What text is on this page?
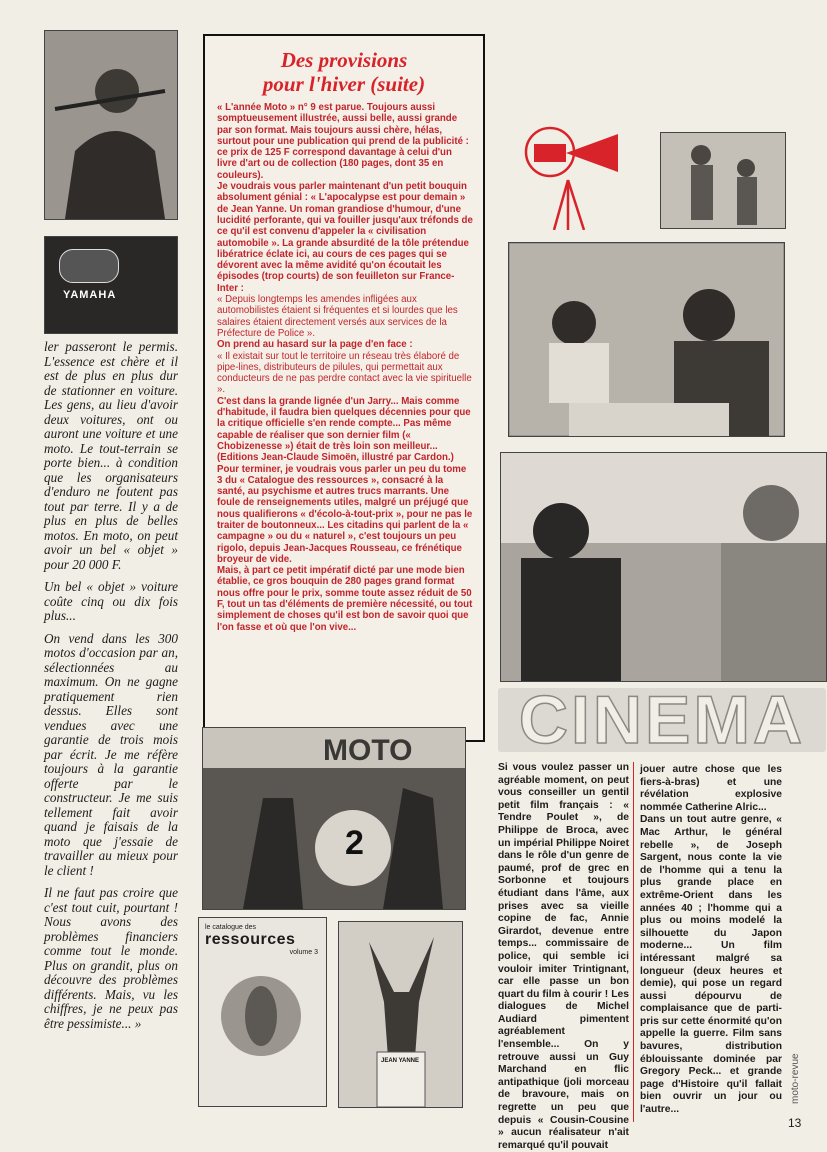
YAMAHA

ler passeront le permis. L'essence est chère et il est de plus en plus dur de stationner en voiture. Les gens, au lieu d'avoir deux voitures, ont ou auront une voiture et une moto. Le tout-terrain se porte bien... à condition que les organisateurs d'enduro ne foutent pas tout par terre. Il y a de plus en plus de belles motos. En moto, on peut avoir un bel « objet » pour 20 000 F.

Un bel « objet » voiture coûte cinq ou dix fois plus...

On vend dans les 300 motos d'occasion par an, sélectionnées au maximum. On ne gagne pratiquement rien dessus. Elles sont vendues avec une garantie de trois mois par écrit. Je me réfère toujours à la garantie offerte par le constructeur. Je me suis tellement fait avoir quand je faisais de la moto que j'essaie de travailler au mieux pour le client !

Il ne faut pas croire que c'est tout cuit, pourtant ! Nous avons des problèmes financiers comme tout le monde. Plus on grandit, plus on découvre des problèmes différents. Mais, vu les chiffres, je ne peux pas être pessimiste... »

Des provisions
pour l'hiver (suite)

« L'année Moto » n° 9 est parue. Toujours aussi somptueusement illustrée, aussi belle, aussi grande par son format. Mais toujours aussi chère, hélas, surtout pour une publication qui prend de la publicité : ce prix de 125 F correspond davantage à celui d'un livre d'art ou de collection (180 pages, dont 35 en couleurs).

Je voudrais vous parler maintenant d'un petit bouquin absolument génial : « L'apocalypse est pour demain » de Jean Yanne. Un roman grandiose d'humour, d'une lucidité perforante, qui va fouiller jusqu'aux tréfonds de ce qu'il est convenu d'appeler la « civilisation automobile ». La grande absurdité de la tôle prétendue libératrice éclate ici, au cours de ces pages qui se dévorent avec la même avidité qu'on écoutait les épisodes (trop courts) de son feuilleton sur France-Inter :

« Depuis longtemps les amendes infligées aux automobilistes étaient si fréquentes et si lourdes que les salaires étaient directement versés aux services de la Préfecture de Police ».

On prend au hasard sur la page d'en face :

« Il existait sur tout le territoire un réseau très élaboré de pipe-lines, distributeurs de pilules, qui permettait aux conducteurs de ne pas perdre contact avec la vie spirituelle ».

C'est dans la grande lignée d'un Jarry... Mais comme d'habitude, il faudra bien quelques décennies pour que la critique officielle s'en rende compte... Pas même capable de réaliser que son dernier film (« Chobizenesse ») était de très loin son meilleur... (Editions Jean-Claude Simoën, illustré par Cardon.)

Pour terminer, je voudrais vous parler un peu du tome 3 du « Catalogue des ressources », consacré à la santé, au psychisme et autres trucs marrants. Une foule de renseignements utiles, malgré un préjugé que nous qualifierons « d'écolo-à-tout-prix », pour ne pas le traiter de boutonneux... Les citadins qui parlent de la « campagne » ou du « naturel », c'est toujours un peu rigolo, depuis Jean-Jacques Rousseau, ce frénétique broyeur de vide.

Mais, à part ce petit impératif dicté par une mode bien établie, ce gros bouquin de 280 pages grand format nous offre pour le prix, somme toute assez réduit de 50 F, tout un tas d'éléments de première nécessité, ou tout simplement de choses qu'il est bon de savoir quoi que l'on fasse et où que l'on vive...

MOTO
2
le catalogue des
ressources
volume 3
JEAN YANNE
CINEMA

Si vous voulez passer un agréable moment, on peut vous conseiller un gentil petit film français : « Tendre Poulet », de Philippe de Broca, avec un impérial Philippe Noiret dans le rôle d'un genre de paumé, prof de grec en Sorbonne et toujours étudiant dans l'âme, aux prises avec sa vieille copine de fac, Annie Girardot, devenue entre temps... commissaire de police, qui semble ici vouloir imiter Trintignant, car elle passe un bon quart du film à courir ! Les dialogues de Michel Audiard pimentent agréablement l'ensemble... On y retrouve aussi un Guy Marchand en flic antipathique (joli morceau de bravoure, mais on regrette un peu que depuis « Cousin-Cousine » aucun réalisateur n'ait remarqué qu'il pouvait

jouer autre chose que les fiers-à-bras) et une révélation explosive nommée Catherine Alric...

Dans un tout autre genre, « Mac Arthur, le général rebelle », de Joseph Sargent, nous conte la vie de l'homme qui a tenu la plus grande place en extrême-Orient dans les années 40 ; l'homme qui a plus ou moins modelé la silhouette du Japon moderne... Un film intéressant malgré sa longueur (deux heures et demie), qui pose un regard aussi dépourvu de complaisance que de parti-pris sur cette énormité qu'on appelle la guerre. Film sans bavures, distribution éblouissante dominée par Gregory Peck... et grande page d'Histoire qu'il fallait bien ouvrir un jour ou l'autre...

moto-revue
13
